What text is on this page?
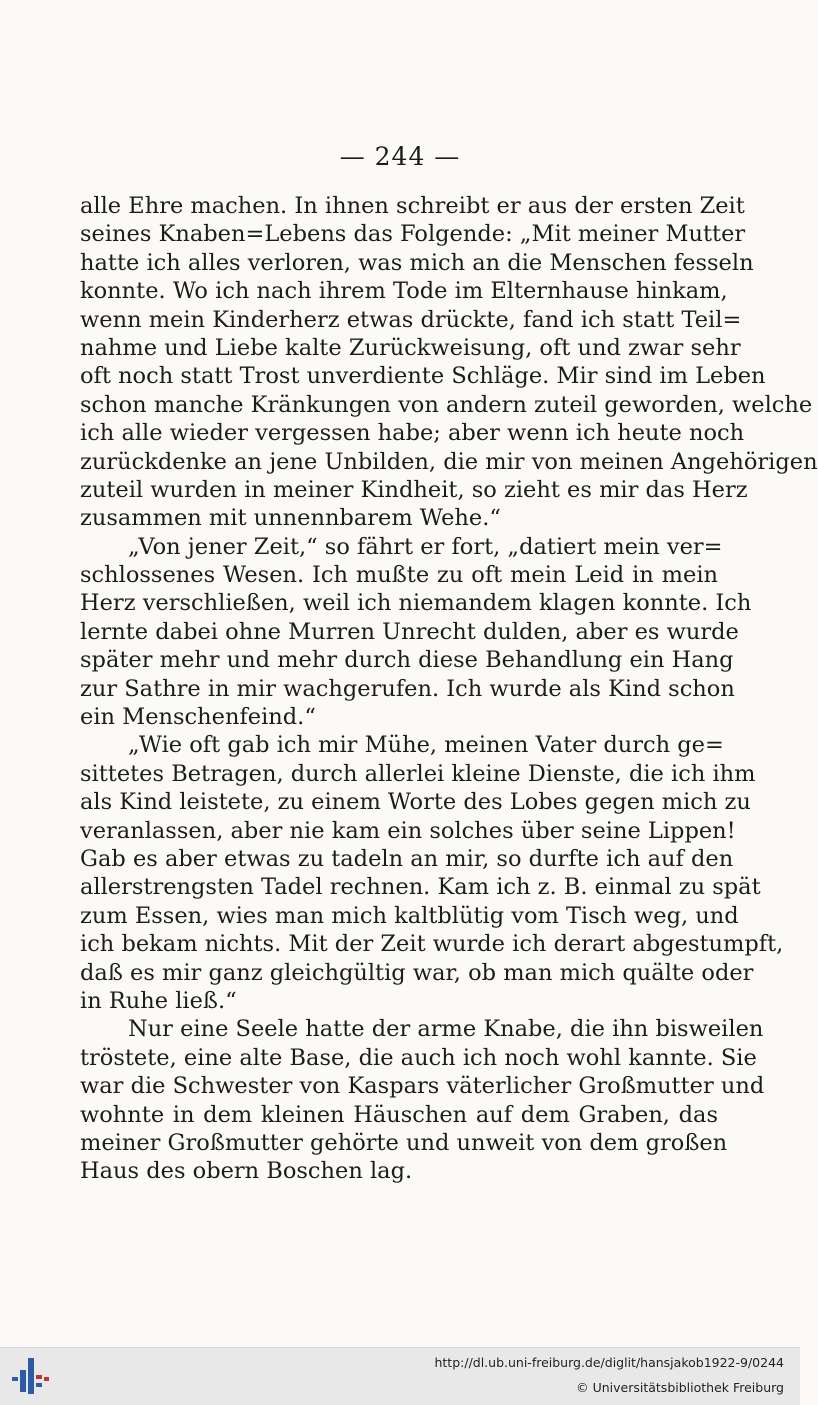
— 244 —
alle Ehre machen. In ihnen schreibt er aus der ersten Zeit
seines Knaben=Lebens das Folgende: „Mit meiner Mutter
hatte ich alles verloren, was mich an die Menschen fesseln
konnte. Wo ich nach ihrem Tode im Elternhause hinkam,
wenn mein Kinderherz etwas drückte, fand ich statt Teil=
nahme und Liebe kalte Zurückweisung, oft und zwar sehr
oft noch statt Trost unverdiente Schläge. Mir sind im Leben
schon manche Kränkungen von andern zuteil geworden, welche
ich alle wieder vergessen habe; aber wenn ich heute noch
zurückdenke an jene Unbilden, die mir von meinen Angehörigen
zuteil wurden in meiner Kindheit, so zieht es mir das Herz
zusammen mit unnennbarem Wehe.“
„Von jener Zeit,“ so fährt er fort, „datiert mein ver=
schlossenes Wesen. Ich mußte zu oft mein Leid in mein
Herz verschließen, weil ich niemandem klagen konnte. Ich
lernte dabei ohne Murren Unrecht dulden, aber es wurde
später mehr und mehr durch diese Behandlung ein Hang
zur Sathre in mir wachgerufen. Ich wurde als Kind schon
ein Menschenfeind.“
„Wie oft gab ich mir Mühe, meinen Vater durch ge=
sittetes Betragen, durch allerlei kleine Dienste, die ich ihm
als Kind leistete, zu einem Worte des Lobes gegen mich zu
veranlassen, aber nie kam ein solches über seine Lippen!
Gab es aber etwas zu tadeln an mir, so durfte ich auf den
allerstrengsten Tadel rechnen. Kam ich z. B. einmal zu spät
zum Essen, wies man mich kaltblütig vom Tisch weg, und
ich bekam nichts. Mit der Zeit wurde ich derart abgestumpft,
daß es mir ganz gleichgültig war, ob man mich quälte oder
in Ruhe ließ.“
Nur eine Seele hatte der arme Knabe, die ihn bisweilen
tröstete, eine alte Base, die auch ich noch wohl kannte. Sie
war die Schwester von Kaspars väterlicher Großmutter und
wohnte in dem kleinen Häuschen auf dem Graben, das
meiner Großmutter gehörte und unweit von dem großen
Haus des obern Boschen lag.
http://dl.ub.uni-freiburg.de/diglit/hansjakob1922-9/0244
© Universitätsbibliothek Freiburg
